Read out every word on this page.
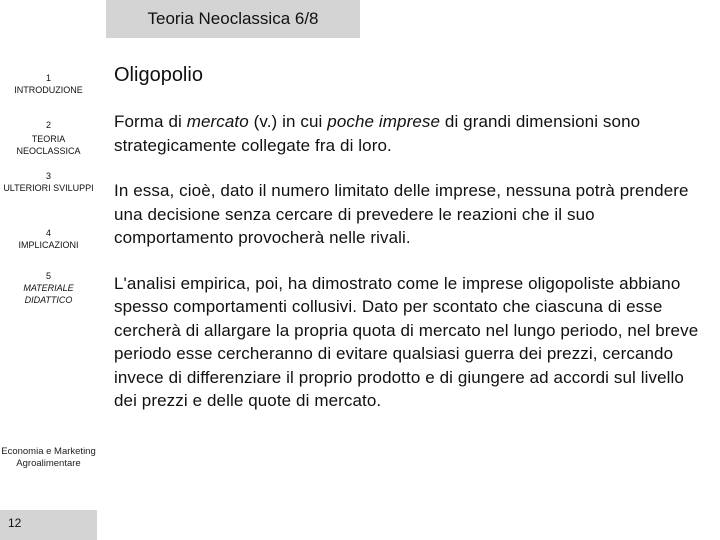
Teoria Neoclassica 6/8
1
INTRODUZIONE
2
TEORIA NEOCLASSICA
3
ULTERIORI SVILUPPI
4
IMPLICAZIONI
5
MATERIALE DIDATTICO
Economia e Marketing Agroalimentare
12
Oligopolio

Forma di mercato (v.) in cui poche imprese di grandi dimensioni sono strategicamente collegate fra di loro.

In essa, cioè, dato il numero limitato delle imprese, nessuna potrà prendere una decisione senza cercare di prevedere le reazioni che il suo comportamento provocherà nelle rivali.

L'analisi empirica, poi, ha dimostrato come le imprese oligopoliste abbiano spesso comportamenti collusivi. Dato per scontato che ciascuna di esse cercherà di allargare la propria quota di mercato nel lungo periodo, nel breve periodo esse cercheranno di evitare qualsiasi guerra dei prezzi, cercando invece di differenziare il proprio prodotto e di giungere ad accordi sul livello dei prezzi e delle quote di mercato.
